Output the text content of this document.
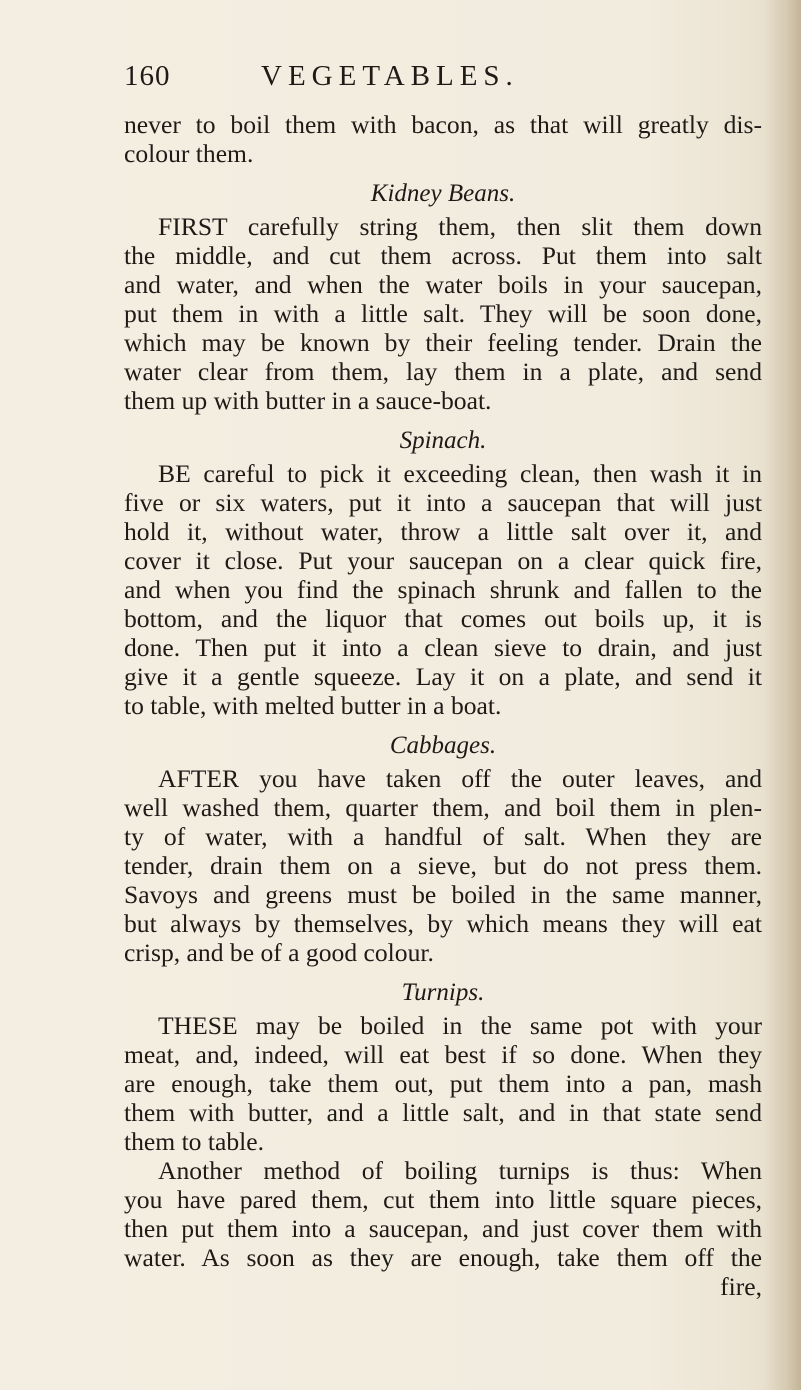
160	VEGETABLES.
never to boil them with bacon, as that will greatly dis-
colour them.
Kidney Beans.
FIRST carefully string them, then slit them down
the middle, and cut them across. Put them into salt
and water, and when the water boils in your saucepan,
put them in with a little salt. They will be soon done,
which may be known by their feeling tender. Drain the
water clear from them, lay them in a plate, and send
them up with butter in a sauce-boat.
Spinach.
BE careful to pick it exceeding clean, then wash it in
five or six waters, put it into a saucepan that will just
hold it, without water, throw a little salt over it, and
cover it close. Put your saucepan on a clear quick fire,
and when you find the spinach shrunk and fallen to the
bottom, and the liquor that comes out boils up, it is
done. Then put it into a clean sieve to drain, and just
give it a gentle squeeze. Lay it on a plate, and send it
to table, with melted butter in a boat.
Cabbages.
AFTER you have taken off the outer leaves, and
well washed them, quarter them, and boil them in plen-
ty of water, with a handful of salt. When they are
tender, drain them on a sieve, but do not press them.
Savoys and greens must be boiled in the same manner,
but always by themselves, by which means they will eat
crisp, and be of a good colour.
Turnips.
THESE may be boiled in the same pot with your
meat, and, indeed, will eat best if so done. When they
are enough, take them out, put them into a pan, mash
them with butter, and a little salt, and in that state send
them to table.
Another method of boiling turnips is thus: When
you have pared them, cut them into little square pieces,
then put them into a saucepan, and just cover them with
water. As soon as they are enough, take them off the
fire,
